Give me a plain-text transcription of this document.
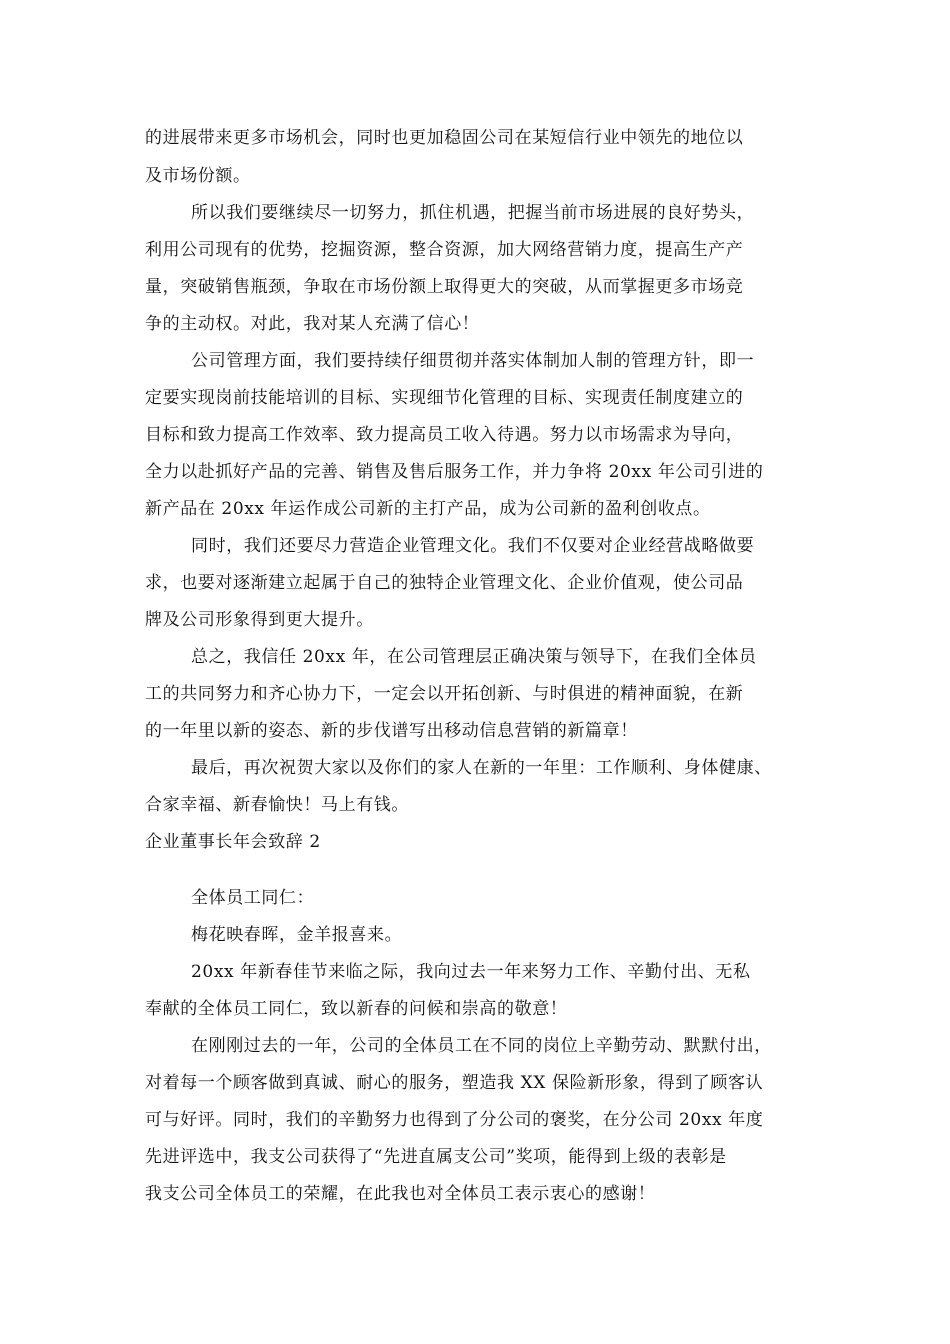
的进展带来更多市场机会，同时也更加稳固公司在某短信行业中领先的地位以
及市场份额。
所以我们要继续尽一切努力，抓住机遇，把握当前市场进展的良好势头，
利用公司现有的优势，挖掘资源，整合资源，加大网络营销力度，提高生产产
量，突破销售瓶颈，争取在市场份额上取得更大的突破，从而掌握更多市场竞
争的主动权。对此，我对某人充满了信心！
公司管理方面，我们要持续仔细贯彻并落实体制加人制的管理方针，即一
定要实现岗前技能培训的目标、实现细节化管理的目标、实现责任制度建立的
目标和致力提高工作效率、致力提高员工收入待遇。努力以市场需求为导向，
全力以赴抓好产品的完善、销售及售后服务工作，并力争将 20xx 年公司引进的
新产品在 20xx 年运作成公司新的主打产品，成为公司新的盈利创收点。
同时，我们还要尽力营造企业管理文化。我们不仅要对企业经营战略做要
求，也要对逐渐建立起属于自己的独特企业管理文化、企业价值观，使公司品
牌及公司形象得到更大提升。
总之，我信任 20xx 年，在公司管理层正确决策与领导下，在我们全体员
工的共同努力和齐心协力下，一定会以开拓创新、与时俱进的精神面貌，在新
的一年里以新的姿态、新的步伐谱写出移动信息营销的新篇章！
最后，再次祝贺大家以及你们的家人在新的一年里：工作顺利、身体健康、
合家幸福、新春愉快！马上有钱。
企业董事长年会致辞 2
全体员工同仁：
梅花映春晖，金羊报喜来。
20xx 年新春佳节来临之际，我向过去一年来努力工作、辛勤付出、无私
奉献的全体员工同仁，致以新春的问候和崇高的敬意！
在刚刚过去的一年，公司的全体员工在不同的岗位上辛勤劳动、默默付出，
对着每一个顾客做到真诚、耐心的服务，塑造我 XX 保险新形象，得到了顾客认
可与好评。同时，我们的辛勤努力也得到了分公司的褒奖，在分公司 20xx 年度
先进评选中，我支公司获得了“先进直属支公司”奖项，能得到上级的表彰是
我支公司全体员工的荣耀，在此我也对全体员工表示衷心的感谢！
